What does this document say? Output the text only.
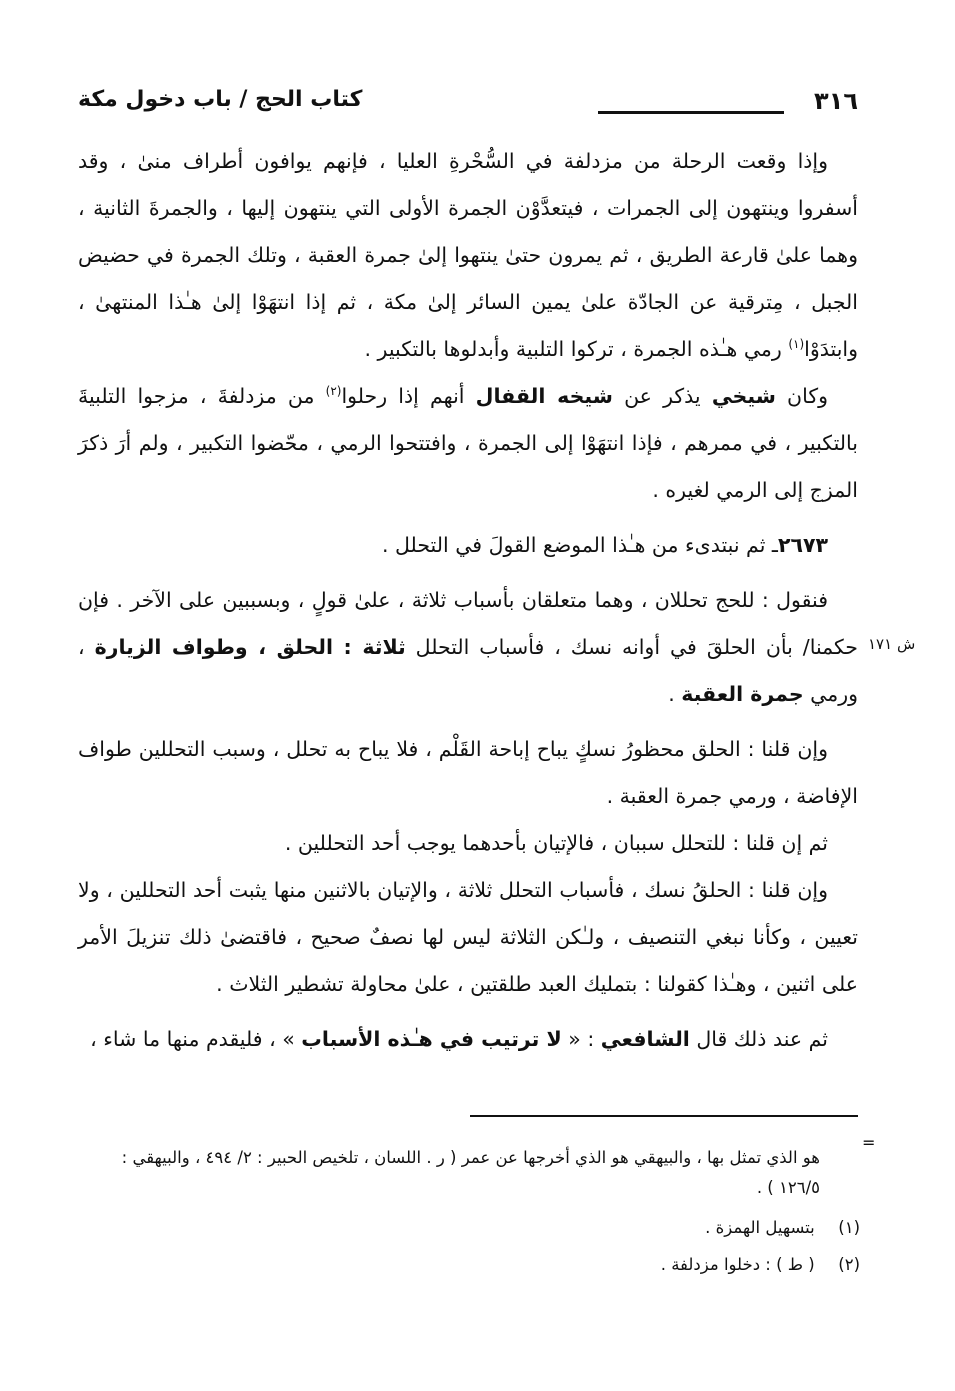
٣١٦
كتاب الحج / باب دخول مكة

وإذا وقعت الرحلة من مزدلفة في السُّحْرةِ العليا ، فإنهم يوافون أطراف منىٰ ، وقد أسفروا وينتهون إلى الجمرات ، فيتعدَّوْن الجمرة الأولى التي ينتهون إليها ، والجمرةَ الثانية ، وهما علىٰ قارعة الطريق ، ثم يمرون حتىٰ ينتهوا إلىٰ جمرة العقبة ، وتلك الجمرة في حضيض الجبل ، مِترقية عن الجادّة علىٰ يمين السائر إلىٰ مكة ، ثم إذا انتهَوْا إلىٰ هـٰذا المنتهىٰ ، وابتدَوْا$^{(١)}$ رمي هـٰذه الجمرة ، تركوا التلبية وأبدلوها بالتكبير .

وكان شيخي يذكر عن شيخه القفال أنهم إذا رحلوا$^{(٢)}$ من مزدلفةَ ، مزجوا التلبيةَ بالتكبير ، في ممرهم ، فإذا انتهَوْا إلى الجمرة ، وافتتحوا الرمي ، محّضوا التكبير ، ولم أرَ ذكرَ المزج إلى الرمي لغيره .

٢٦٧٣ـ ثم نبتدىء من هـٰذا الموضع القولَ في التحلل .

فنقول : للحج تحللان ، وهما متعلقان بأسباب ثلاثة ، علىٰ قولٍ ، وبسببين على الآخر . فإن حكمنا/ بأن الحلقَ في أوانه نسك ، فأسباب التحلل ثلاثة : الحلق ، وطواف الزيارة ، ورمي جمرة العقبة .

وإن قلنا : الحلق محظورُ نسكٍ يباح إباحة القَلْم ، فلا يباح به تحلل ، وسبب التحللين طواف الإفاضة ، ورمي جمرة العقبة .

ثم إن قلنا : للتحلل سببان ، فالإتيان بأحدهما يوجب أحد التحللين .

وإن قلنا : الحلقُ نسك ، فأسباب التحلل ثلاثة ، والإتيان بالاثنين منها يثبت أحد التحللين ، ولا تعيين ، وكأنا نبغي التنصيف ، ولـٰكن الثلاثة ليس لها نصفٌ صحيح ، فاقتضىٰ ذلك تنزيلَ الأمر على اثنين ، وهـٰذا كقولنا : بتمليك العبد طلقتين ، علىٰ محاولة تشطير الثلاث .

ثم عند ذلك قال الشافعي : « لا ترتيب في هـٰذه الأسباب » ، فليقدم منها ما شاء ،

ش ١٧١
=

هو الذي تمثل بها ، والبيهقي هو الذي أخرجها عن عمر ( ر . اللسان ، تلخيص الحبير : ٢/ ٤٩٤ ، والبيهقي : ١٢٦/٥ ) .

(١) بتسهيل الهمزة .
(٢) ( ط ) : دخلوا مزدلفة .
